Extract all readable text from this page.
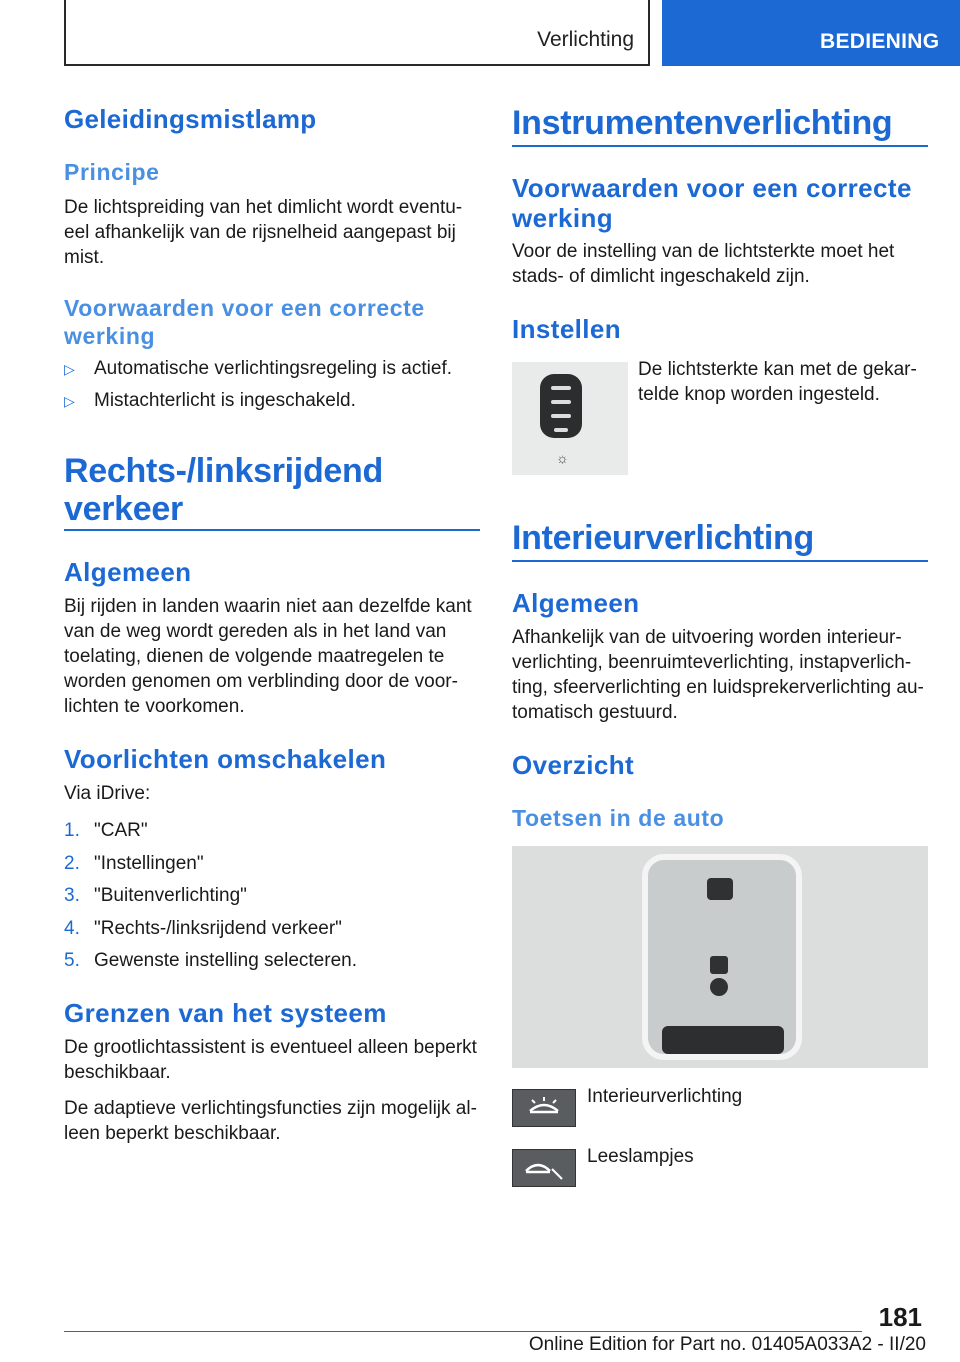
Verlichting	BEDIENING
Geleidingsmistlamp
Principe
De lichtspreiding van het dimlicht wordt eventu-
eel afhankelijk van de rijsnelheid aangepast bij
mist.
Voorwaarden voor een correcte
werking
▷	Automatische verlichtingsregeling is actief.
▷	Mistachterlicht is ingeschakeld.
Rechts-/linksrijdend
verkeer
Algemeen
Bij rijden in landen waarin niet aan dezelfde kant
van de weg wordt gereden als in het land van
toelating, dienen de volgende maatregelen te
worden genomen om verblinding door de voor-
lichten te voorkomen.
Voorlichten omschakelen
Via iDrive:
1. "CAR"
2. "Instellingen"
3. "Buitenverlichting"
4. "Rechts-/linksrijdend verkeer"
5. Gewenste instelling selecteren.
Grenzen van het systeem
De grootlichtassistent is eventueel alleen beperkt
beschikbaar.
De adaptieve verlichtingsfuncties zijn mogelijk al-
leen beperkt beschikbaar.
Instrumentenverlichting
Voorwaarden voor een correcte
werking
Voor de instelling van de lichtsterkte moet het
stads- of dimlicht ingeschakeld zijn.
Instellen
☼
De lichtsterkte kan met de gekar-
telde knop worden ingesteld.
Interieurverlichting
Algemeen
Afhankelijk van de uitvoering worden interieur-
verlichting, beenruimteverlichting, instapverlich-
ting, sfeerverlichting en luidsprekerverlichting au-
tomatisch gestuurd.
Overzicht
Toetsen in de auto
Interieurverlichting
Leeslampjes
181
Online Edition for Part no. 01405A033A2 - II/20
